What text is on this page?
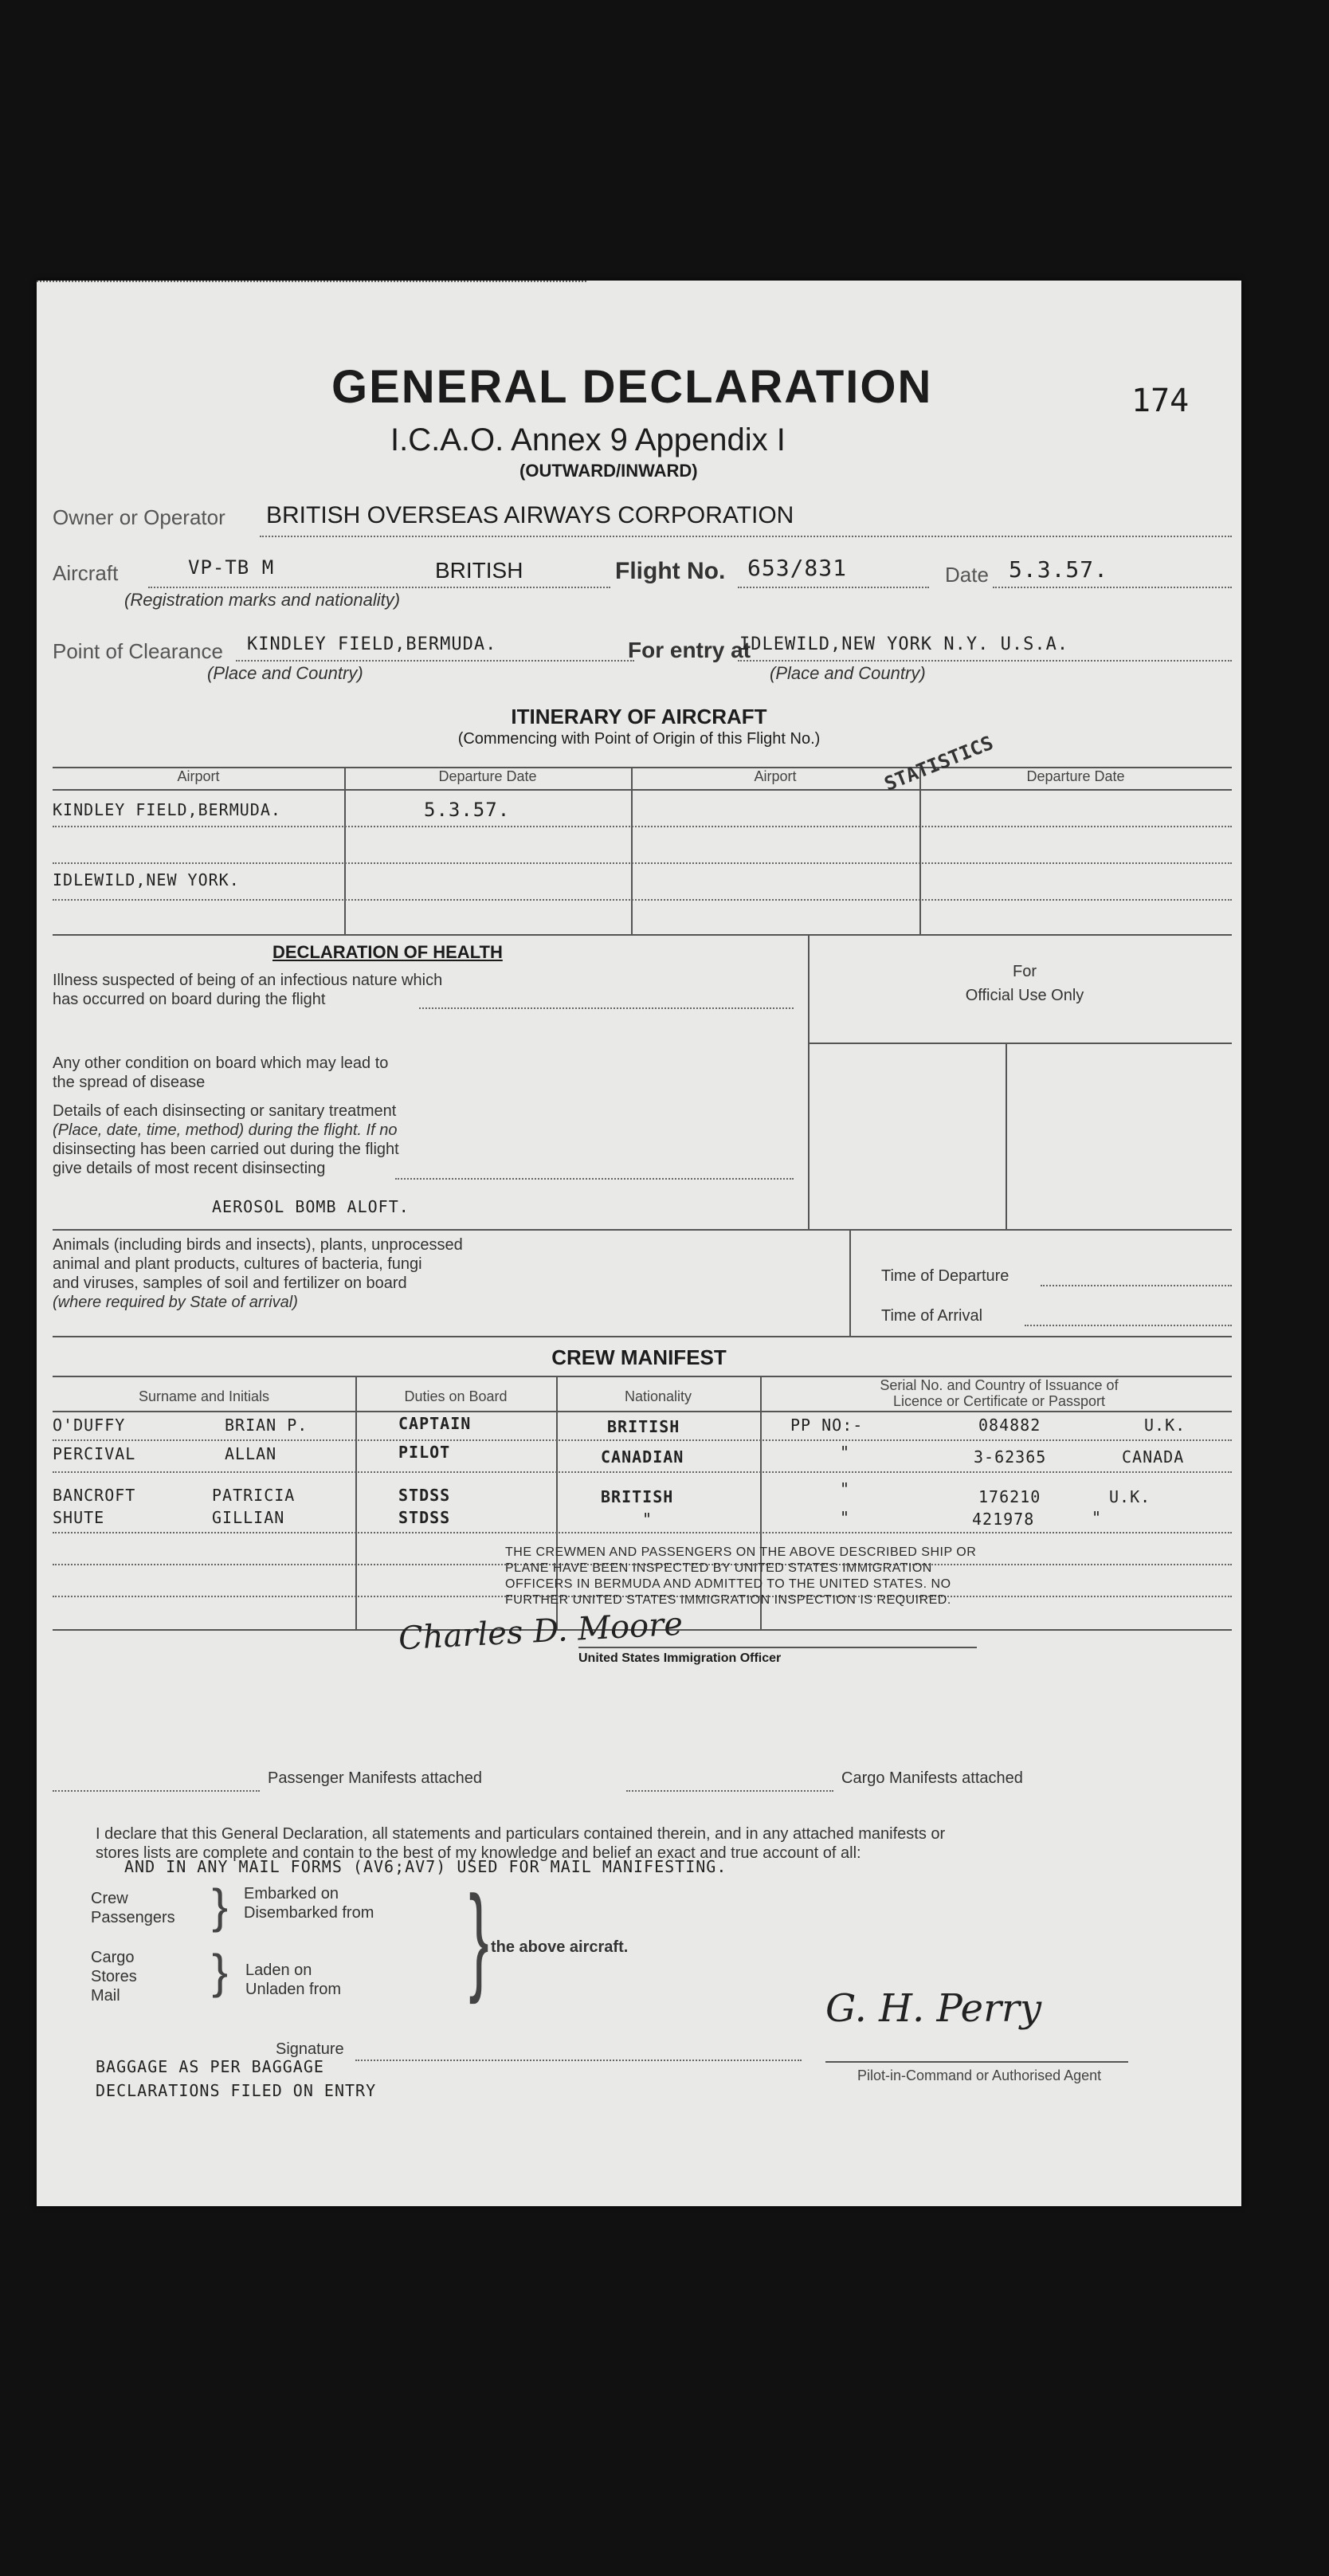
GENERAL DECLARATION
I.C.A.O. Annex 9 Appendix I
(OUTWARD/INWARD)
174
Owner or Operator BRITISH OVERSEAS AIRWAYS CORPORATION
Aircraft	VP-TB M	BRITISH
(Registration marks and nationality)
Flight No. 653/831	Date 5.3.57.
Point of Clearance KINDLEY FIELD,BERMUDA.
(Place and Country)
For entry at
IDLEWILD,NEW YORK N.Y. U.S.A.
(Place and Country)
ITINERARY OF AIRCRAFT
(Commencing with Point of Origin of this Flight No.)
Airport	Departure Date	Airport	Departure Date
KINDLEY FIELD,BERMUDA.	5.3.57.
IDLEWILD,NEW YORK.
STATISTICS
DECLARATION OF HEALTH
For
Official Use Only
Illness suspected of being of an infectious nature which
has occurred on board during the flight
Any other condition on board which may lead to
the spread of disease
Details of each disinsecting or sanitary treatment
(Place, date, time, method) during the flight. If no
disinsecting has been carried out during the flight
give details of most recent disinsecting
AEROSOL BOMB ALOFT.
Animals (including birds and insects), plants, unprocessed
animal and plant products, cultures of bacteria, fungi
and viruses, samples of soil and fertilizer on board
(where required by State of arrival)
Time of Departure
Time of Arrival
CREW MANIFEST
Surname and Initials	Duties on Board	Nationality
Serial No. and Country of Issuance of
Licence or Certificate or Passport
O'DUFFY	BRIAN P.	CAPTAIN	BRITISH	PP NO:-	084882	U.K.
PERCIVAL	ALLAN	PILOT	CANADIAN	"	3-62365	CANADA
BANCROFT	PATRICIA	STDSS	BRITISH	"	176210	U.K.
SHUTE	GILLIAN	STDSS	"	"	421978	"
THE CREWMEN AND PASSENGERS ON THE ABOVE DESCRIBED SHIP OR
PLANE HAVE BEEN INSPECTED BY UNITED STATES IMMIGRATION
OFFICERS IN BERMUDA AND ADMITTED TO THE UNITED STATES. NO
FURTHER UNITED STATES IMMIGRATION INSPECTION IS REQUIRED.
Charles D. Moore
United States Immigration Officer
Passenger Manifests attached	Cargo Manifests attached
I declare that this General Declaration, all statements and particulars contained therein, and in any attached manifests or
stores lists are complete and contain to the best of my knowledge and belief an exact and true account of all:
AND IN ANY MAIL FORMS (AV6;AV7) USED FOR MAIL MANIFESTING.
Crew
Passengers } Embarked on
Disembarked from
Cargo
Stores
Mail	} Laden on
Unladen from } the above aircraft.
Signature
G. H. Perry
Pilot-in-Command or Authorised Agent
BAGGAGE AS PER BAGGAGE
DECLARATIONS FILED ON ENTRY
